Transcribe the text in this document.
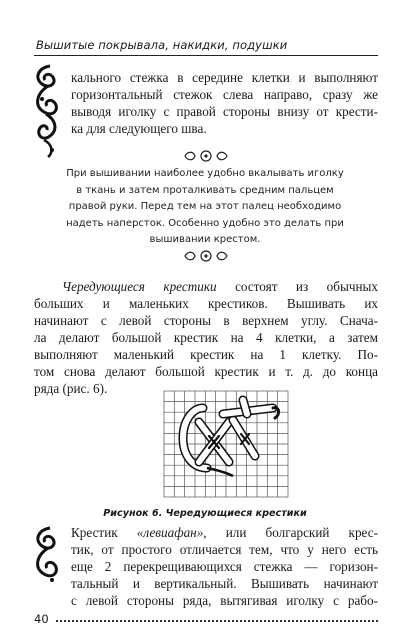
Вышитые покрывала, накидки, подушки
кального стежка в середине клетки и выполняют
горизонтальный стежок слева направо, сразу же
выводя иголку с правой стороны внизу от крести-
ка для следующего шва.
При вышивании наиболее удобно вкалывать иголку
в ткань и затем проталкивать средним пальцем
правой руки. Перед тем на этот палец необходимо
надеть наперсток. Особенно удобно это делать при
вышивании крестом.
Чередующиеся крестики состоят из обычных
больших и маленьких крестиков. Вышивать их
начинают с левой стороны в верхнем углу. Снача-
ла делают большой крестик на 4 клетки, а затем
выполняют маленький крестик на 1 клетку. По-
том снова делают большой крестик и т. д. до конца
ряда (рис. 6).
Рисунок 6. Чередующиеся крестики
Крестик «левиафан», или болгарский крес-
тик, от простого отличается тем, что у него есть
еще 2 перекрещивающихся стежка — горизон-
тальный и вертикальный. Вышивать начинают
с левой стороны ряда, вытягивая иголку с рабо-
40
